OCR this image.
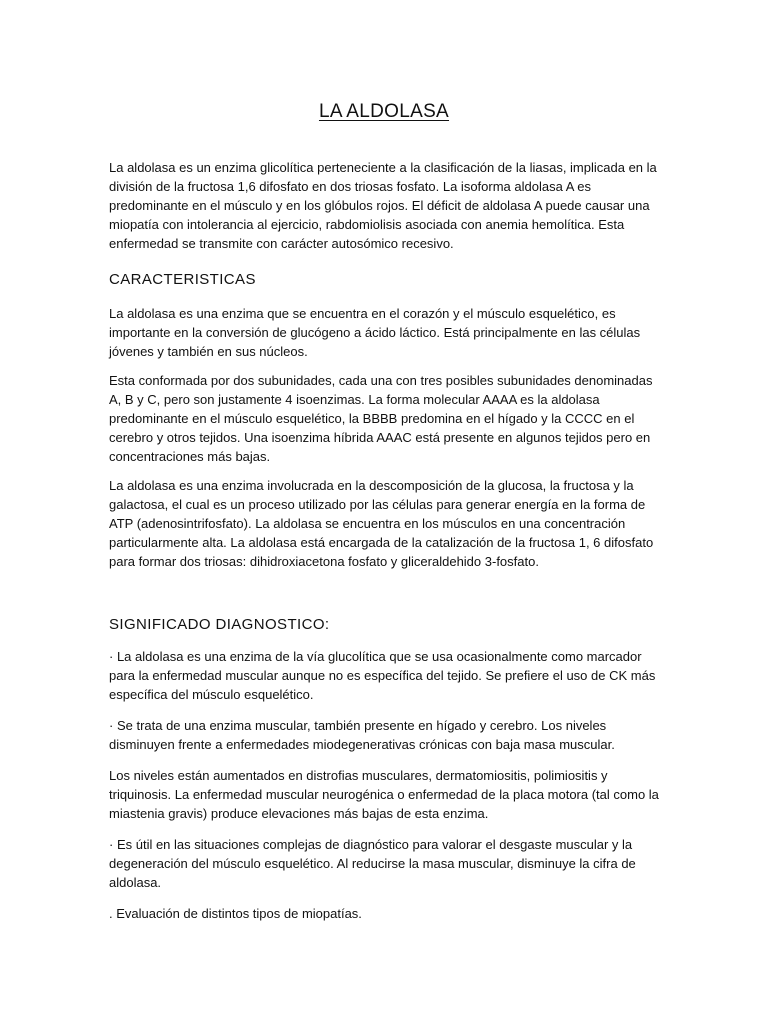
LA ALDOLASA

La aldolasa es un enzima glicolítica perteneciente a la clasificación de la liasas, implicada en la división de la fructosa 1,6 difosfato en dos triosas fosfato. La isoforma aldolasa A es predominante en el músculo y en los glóbulos rojos. El déficit de aldolasa A puede causar una miopatía con intolerancia al ejercicio, rabdomiolisis asociada con anemia hemolítica. Esta enfermedad se transmite con carácter autosómico recesivo.

CARACTERISTICAS

La aldolasa es una enzima que se encuentra en el corazón y el músculo esquelético, es importante en la conversión de glucógeno a ácido láctico. Está principalmente en las células jóvenes y también en sus núcleos.

Esta conformada por dos subunidades, cada una con tres posibles subunidades denominadas A, B y C, pero son justamente 4 isoenzimas. La forma molecular AAAA es la aldolasa predominante en el músculo esquelético, la BBBB predomina en el hígado y la CCCC en el cerebro y otros tejidos. Una isoenzima híbrida AAAC está presente en algunos tejidos pero en concentraciones más bajas.

La aldolasa es una enzima involucrada en la descomposición de la glucosa, la fructosa y la galactosa, el cual es un proceso utilizado por las células para generar energía en la forma de ATP (adenosintrifosfato). La aldolasa se encuentra en los músculos en una concentración particularmente alta. La aldolasa está encargada de la catalización de la fructosa 1, 6 difosfato para formar dos triosas: dihidroxiacetona fosfato y gliceraldehido 3-fosfato.

SIGNIFICADO DIAGNOSTICO:

· La aldolasa es una enzima de la vía glucolítica que se usa ocasionalmente como marcador para la enfermedad muscular aunque no es específica del tejido. Se prefiere el uso de CK más específica del músculo esquelético.

· Se trata de una enzima muscular, también presente en hígado y cerebro. Los niveles disminuyen frente a enfermedades miodegenerativas crónicas con baja masa muscular.

Los niveles están aumentados en distrofias musculares, dermatomiositis, polimiositis y triquinosis. La enfermedad muscular neurogénica o enfermedad de la placa motora (tal como la miastenia gravis) produce elevaciones más bajas de esta enzima.

· Es útil en las situaciones complejas de diagnóstico para valorar el desgaste muscular y la degeneración del músculo esquelético. Al reducirse la masa muscular, disminuye la cifra de aldolasa.

. Evaluación de distintos tipos de miopatías.
